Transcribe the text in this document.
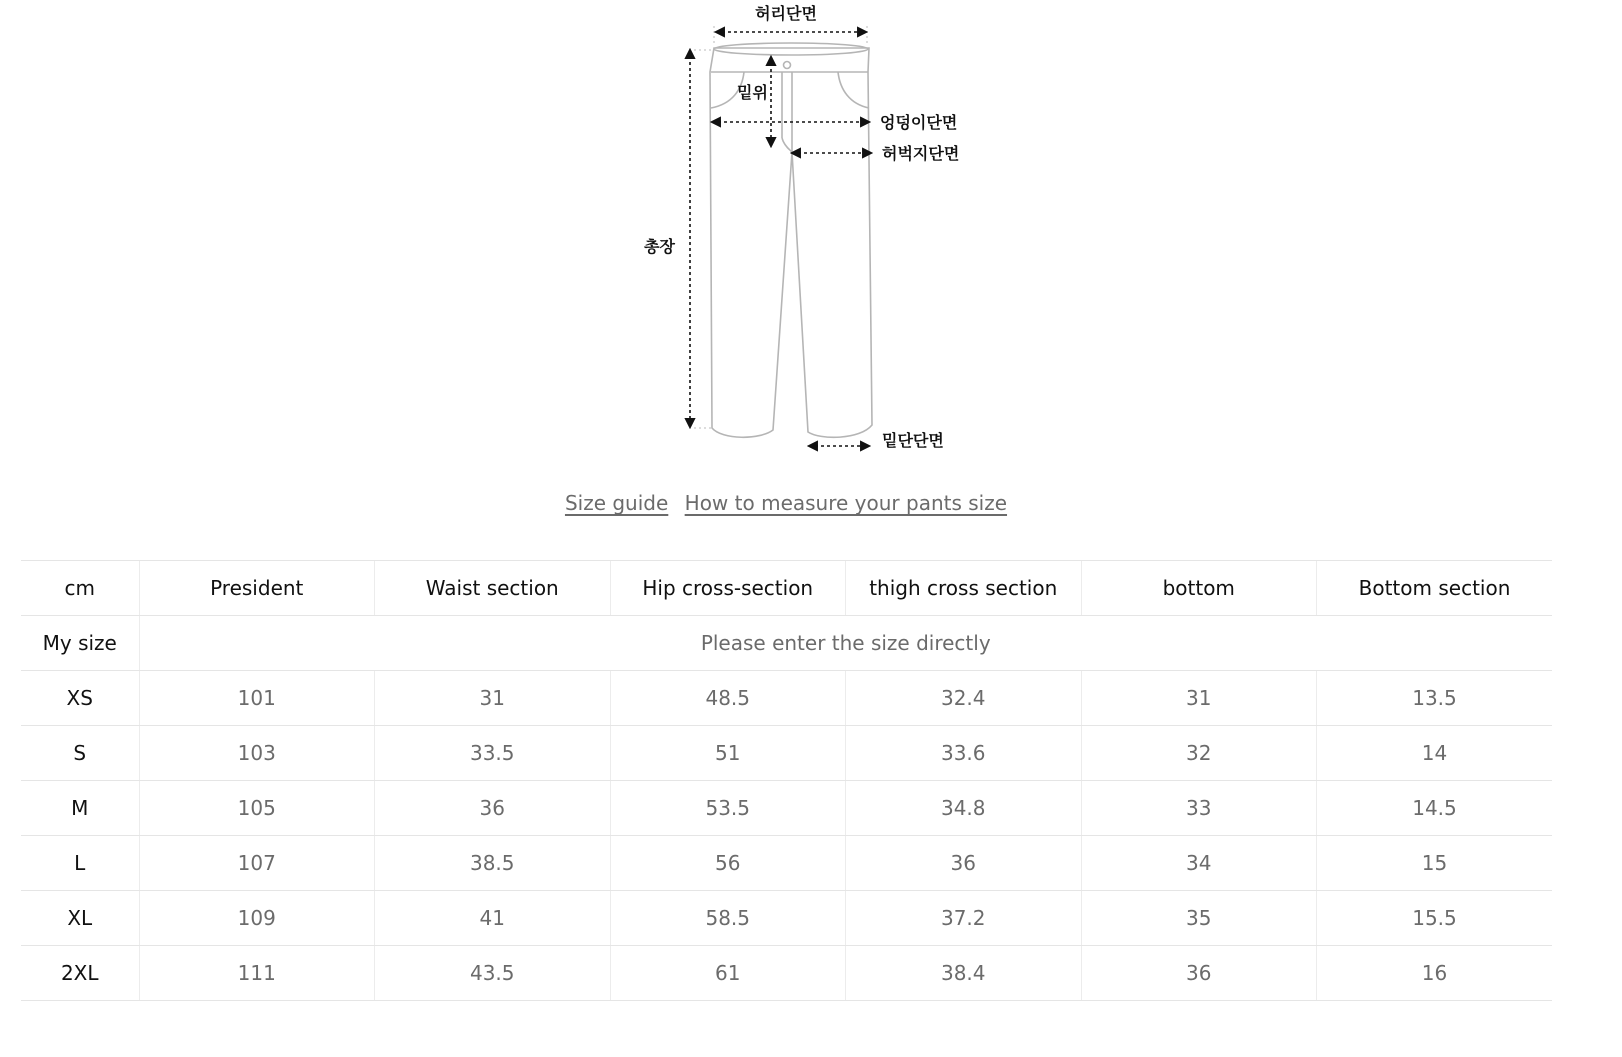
허리단면
밑위
엉덩이단면
허벅지단면
총장
밑단단면
Size guide How to measure your pants size
cm	President	Waist section	Hip cross-section	thigh cross section	bottom	Bottom section
My size	Please enter the size directly					
XS	101	31	48.5	32.4	31	13.5
S	103	33.5	51	33.6	32	14
M	105	36	53.5	34.8	33	14.5
L	107	38.5	56	36	34	15
XL	109	41	58.5	37.2	35	15.5
2XL	111	43.5	61	38.4	36	16
